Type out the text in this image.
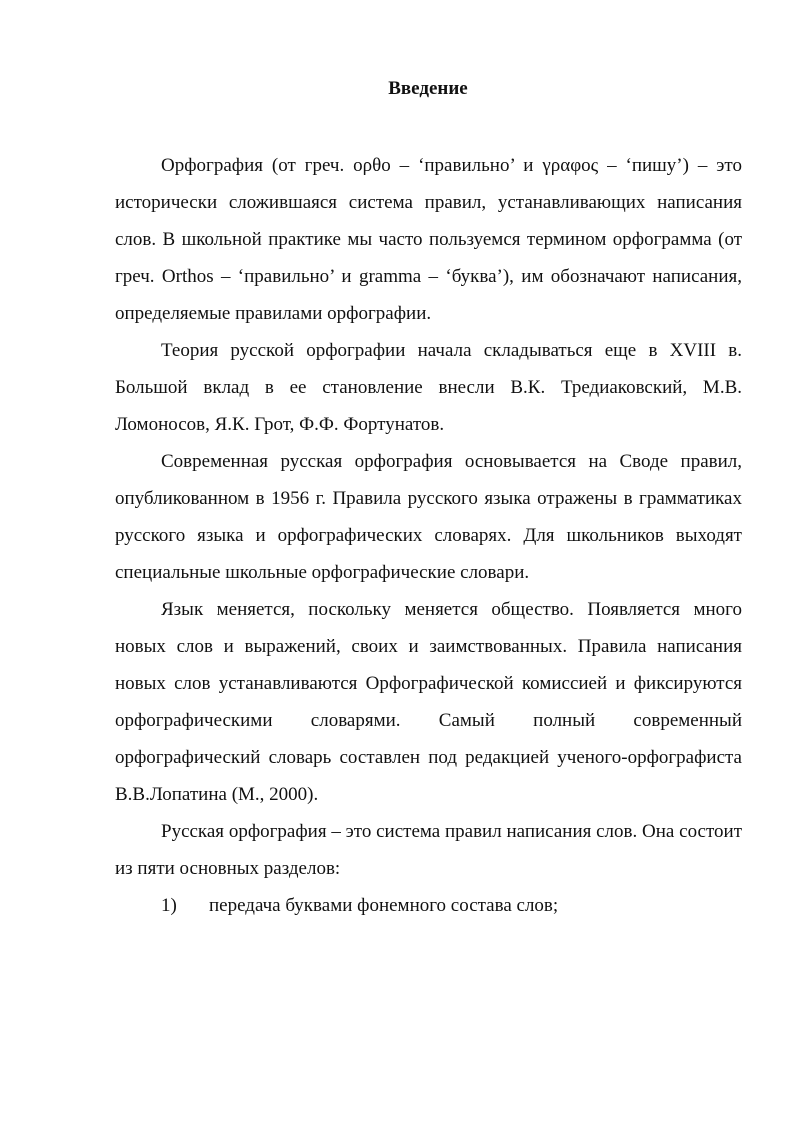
Введение

Орфография (от греч. ορθο – ‘правильно’ и γραφος – ‘пишу’) – это исторически сложившаяся система правил, устанавливающих написания слов. В школьной практике мы часто пользуемся термином орфограмма (от греч. Orthos – ‘правильно’ и gramma – ‘буква’), им обозначают написания, определяемые правилами орфографии.

Теория русской орфографии начала складываться еще в XVIII в. Большой вклад в ее становление внесли В.К. Тредиаковский, М.В. Ломоносов, Я.К. Грот, Ф.Ф. Фортунатов.

Современная русская орфография основывается на Своде правил, опубликованном в 1956 г. Правила русского языка отражены в грамматиках русского языка и орфографических словарях. Для школьников выходят специальные школьные орфографические словари.

Язык меняется, поскольку меняется общество. Появляется много новых слов и выражений, своих и заимствованных. Правила написания новых слов устанавливаются Орфографической комиссией и фиксируются орфографическими словарями. Самый полный современный орфографический словарь составлен под редакцией ученого-орфографиста В.В.Лопатина (М., 2000).

Русская орфография – это система правил написания слов. Она состоит из пяти основных разделов:

1)	передача буквами фонемного состава слов;
